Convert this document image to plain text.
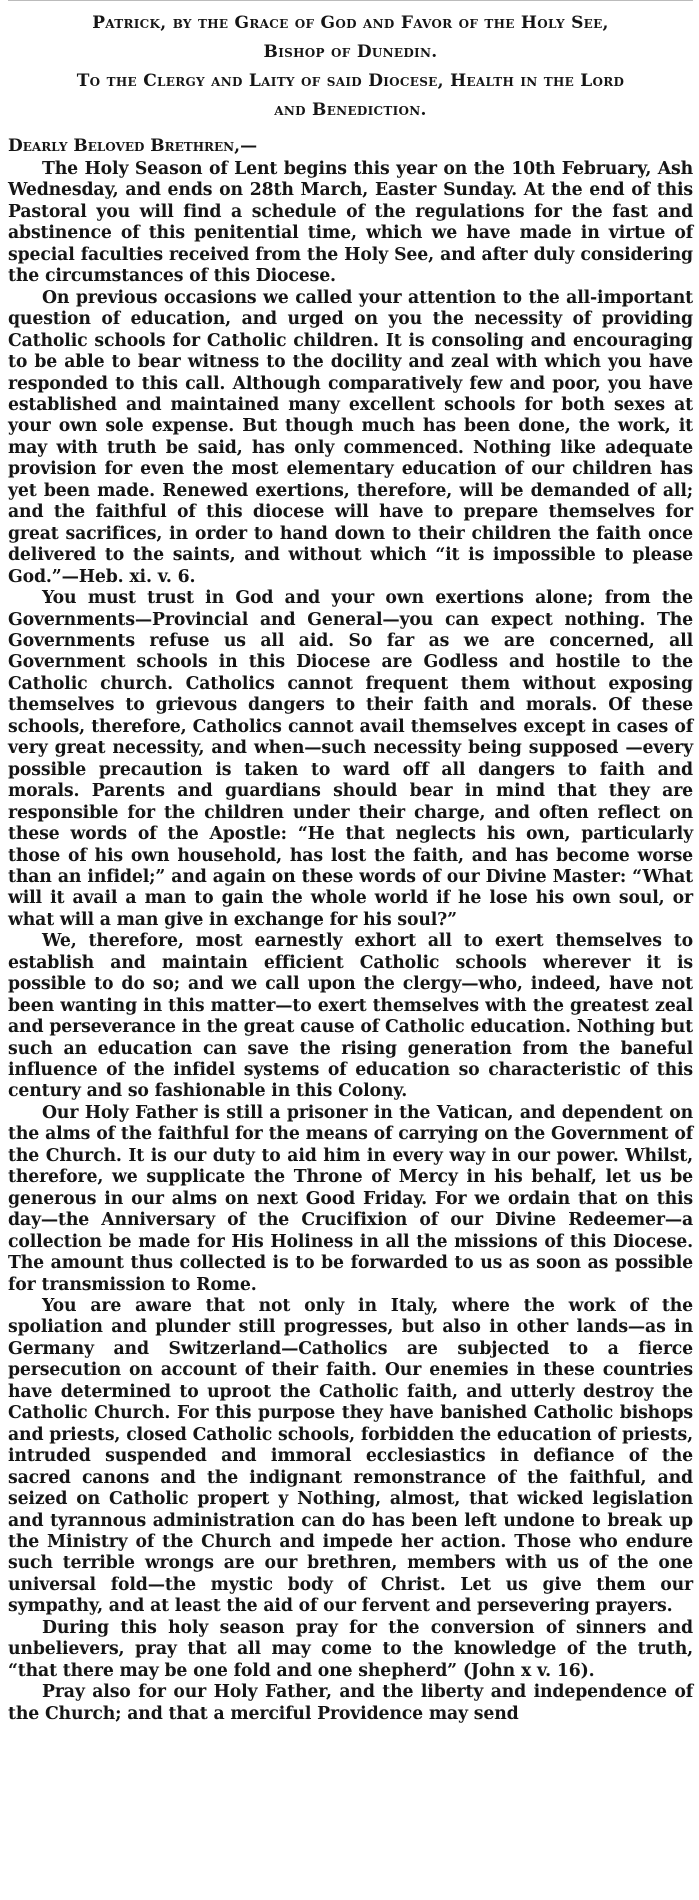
Patrick, by the Grace of God and Favor of the Holy See,
Bishop of Dunedin.
To the Clergy and Laity of said Diocese, Health in the Lord
and Benediction.
Dearly Beloved Brethren,—

The Holy Season of Lent begins this year on the 10th February, Ash Wednesday, and ends on 28th March, Easter Sunday. At the end of this Pastoral you will find a schedule of the regulations for the fast and abstinence of this penitential time, which we have made in virtue of special faculties received from the Holy See, and after duly considering the circumstances of this Diocese.

On previous occasions we called your attention to the all-important question of education, and urged on you the necessity of providing Catholic schools for Catholic children. It is consoling and encouraging to be able to bear witness to the docility and zeal with which you have responded to this call. Although comparatively few and poor, you have established and maintained many excellent schools for both sexes at your own sole expense. But though much has been done, the work, it may with truth be said, has only commenced. Nothing like adequate provision for even the most elementary education of our children has yet been made. Renewed exertions, therefore, will be demanded of all; and the faithful of this diocese will have to prepare themselves for great sacrifices, in order to hand down to their children the faith once delivered to the saints, and without which “it is impossible to please God.”—Heb. xi. v. 6.

You must trust in God and your own exertions alone; from the Governments—Provincial and General—you can expect nothing. The Governments refuse us all aid. So far as we are concerned, all Government schools in this Diocese are Godless and hostile to the Catholic church. Catholics cannot frequent them without exposing themselves to grievous dangers to their faith and morals. Of these schools, therefore, Catholics cannot avail themselves except in cases of very great necessity, and when—such necessity being supposed —every possible precaution is taken to ward off all dangers to faith and morals. Parents and guardians should bear in mind that they are responsible for the children under their charge, and often reflect on these words of the Apostle: “He that neglects his own, particularly those of his own household, has lost the faith, and has become worse than an infidel;” and again on these words of our Divine Master: “What will it avail a man to gain the whole world if he lose his own soul, or what will a man give in exchange for his soul?”

We, therefore, most earnestly exhort all to exert themselves to establish and maintain efficient Catholic schools wherever it is possible to do so; and we call upon the clergy—who, indeed, have not been wanting in this matter—to exert themselves with the greatest zeal and perseverance in the great cause of Catholic education. Nothing but such an education can save the rising generation from the baneful influence of the infidel systems of education so characteristic of this century and so fashionable in this Colony.

Our Holy Father is still a prisoner in the Vatican, and dependent on the alms of the faithful for the means of carrying on the Government of the Church. It is our duty to aid him in every way in our power. Whilst, therefore, we supplicate the Throne of Mercy in his behalf, let us be generous in our alms on next Good Friday. For we ordain that on this day—the Anniversary of the Crucifixion of our Divine Redeemer—a collection be made for His Holiness in all the missions of this Diocese. The amount thus collected is to be forwarded to us as soon as possible for transmission to Rome.

You are aware that not only in Italy, where the work of the spoliation and plunder still progresses, but also in other lands—as in Germany and Switzerland—Catholics are subjected to a fierce persecution on account of their faith. Our enemies in these countries have determined to uproot the Catholic faith, and utterly destroy the Catholic Church. For this purpose they have banished Catholic bishops and priests, closed Catholic schools, forbidden the education of priests, intruded suspended and immoral ecclesiastics in defiance of the sacred canons and the indignant remonstrance of the faithful, and seized on Catholic propert y Nothing, almost, that wicked legislation and tyrannous administration can do has been left undone to break up the Ministry of the Church and impede her action. Those who endure such terrible wrongs are our brethren, members with us of the one universal fold—the mystic body of Christ. Let us give them our sympathy, and at least the aid of our fervent and persevering prayers.

During this holy season pray for the conversion of sinners and unbelievers, pray that all may come to the knowledge of the truth, “that there may be one fold and one shepherd” (John x v. 16).

Pray also for our Holy Father, and the liberty and independence of the Church; and that a merciful Providence may send
